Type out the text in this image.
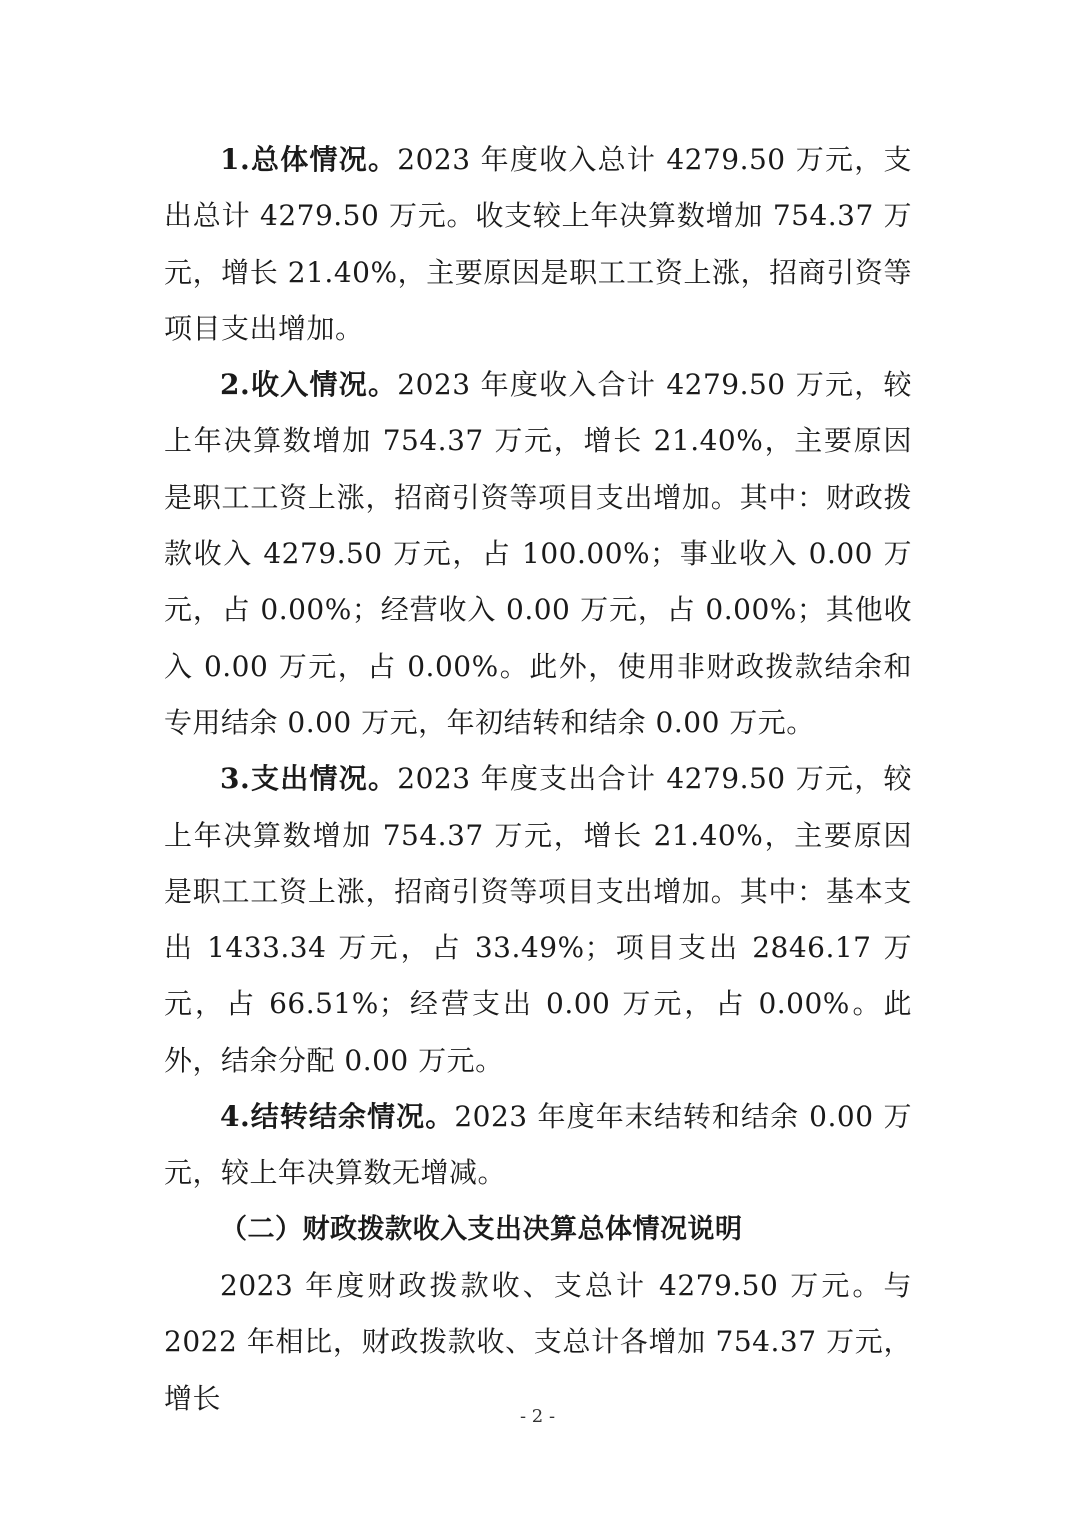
1.总体情况。2023 年度收入总计 4279.50 万元，支出总计 4279.50 万元。收支较上年决算数增加 754.37 万元，增长 21.40%，主要原因是职工工资上涨，招商引资等项目支出增加。

2.收入情况。2023 年度收入合计 4279.50 万元，较上年决算数增加 754.37 万元，增长 21.40%，主要原因是职工工资上涨，招商引资等项目支出增加。其中：财政拨款收入 4279.50 万元，占 100.00%；事业收入 0.00 万元，占 0.00%；经营收入 0.00 万元，占 0.00%；其他收入 0.00 万元，占 0.00%。此外，使用非财政拨款结余和专用结余 0.00 万元，年初结转和结余 0.00 万元。

3.支出情况。2023 年度支出合计 4279.50 万元，较上年决算数增加 754.37 万元，增长 21.40%，主要原因是职工工资上涨，招商引资等项目支出增加。其中：基本支出 1433.34 万元，占 33.49%；项目支出 2846.17 万元，占 66.51%；经营支出 0.00 万元，占 0.00%。此外，结余分配 0.00 万元。

4.结转结余情况。2023 年度年末结转和结余 0.00 万元，较上年决算数无增减。

（二）财政拨款收入支出决算总体情况说明

2023 年度财政拨款收、支总计 4279.50 万元。与 2022 年相比，财政拨款收、支总计各增加 754.37 万元，增长

- 2 -
